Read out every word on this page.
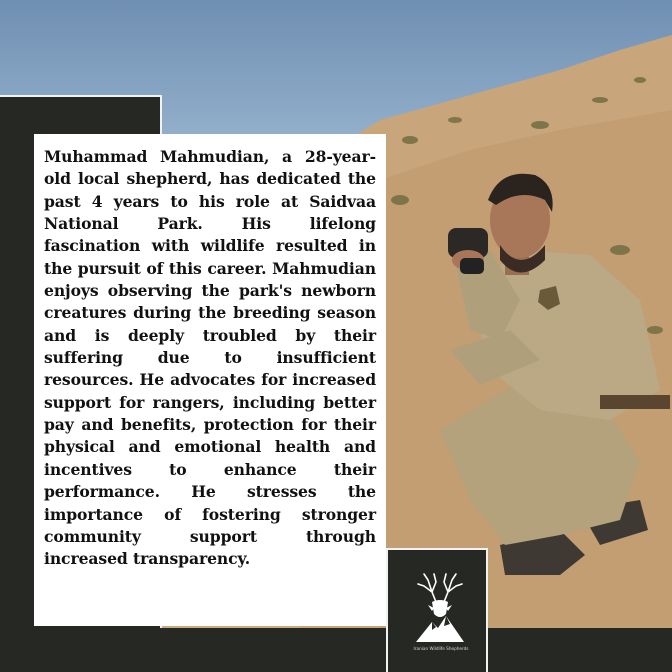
Muhammad Mahmudian, a 28-year-old local shepherd, has dedicated the past 4 years to his role at Saidvaa National Park. His lifelong fascination with wildlife resulted in the pursuit of this career. Mahmudian enjoys observing the park's newborn creatures during the breeding season and is deeply troubled by their suffering due to insufficient resources. He advocates for increased support for rangers, including better pay and benefits, protection for their physical and emotional health and incentives to enhance their performance. He stresses the importance of fostering stronger community support through increased transparency.

Iranian Wildlife Shepherds
